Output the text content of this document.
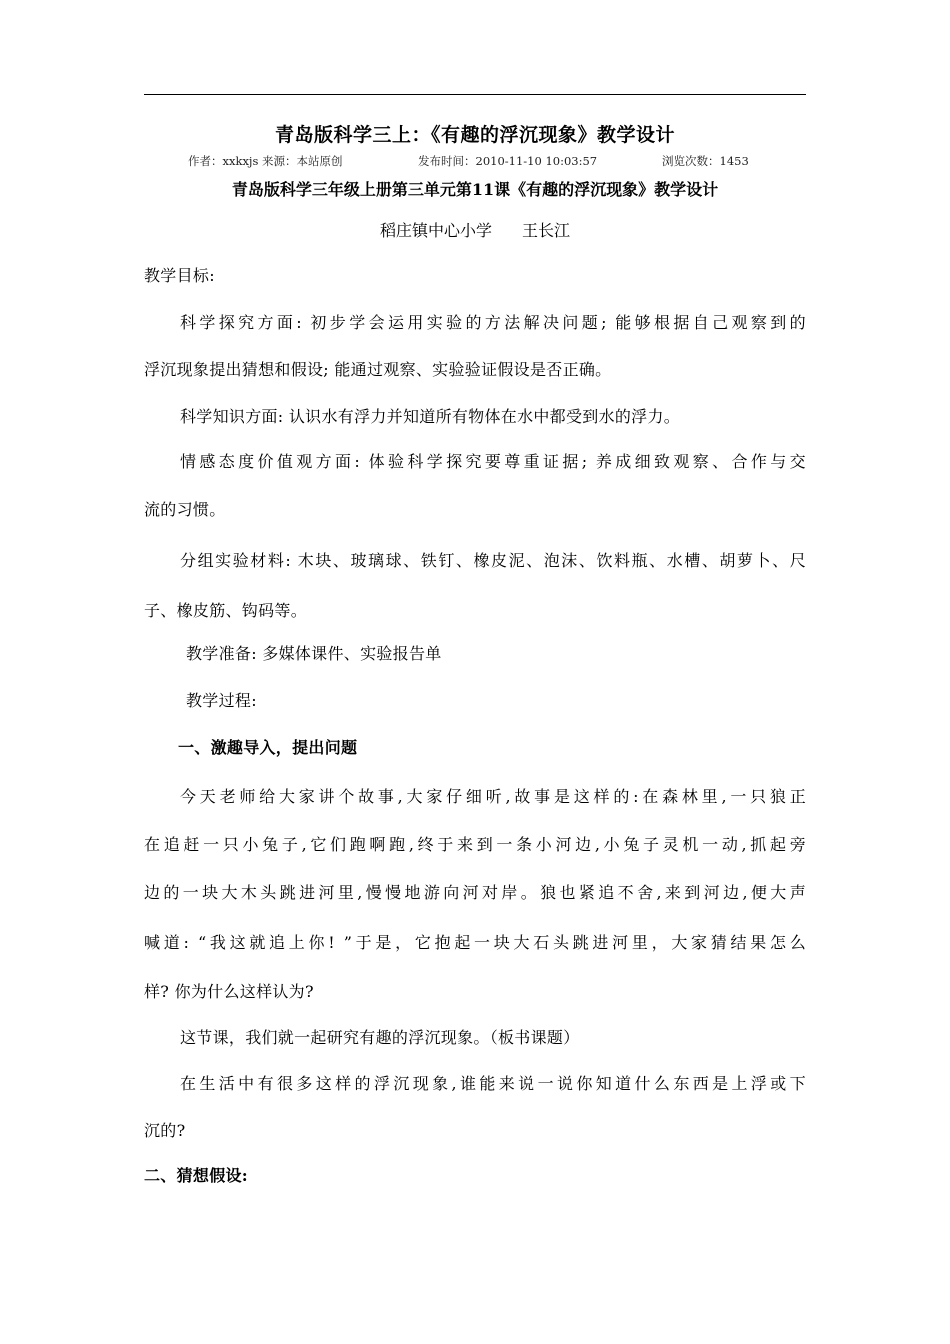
青岛版科学三上：《有趣的浮沉现象》教学设计
作者：xxkxjs 来源：本站原创	发布时间：2010-11-10 10:03:57	浏览次数：1453
青岛版科学三年级上册第三单元第11课《有趣的浮沉现象》教学设计
稻庄镇中心小学 王长江
教学目标:
科学探究方面: 初步学会运用实验的方法解决问题; 能够根据自己观察到的
浮沉现象提出猜想和假设; 能通过观察、实验验证假设是否正确。
科学知识方面: 认识水有浮力并知道所有物体在水中都受到水的浮力。
情感态度价值观方面: 体验科学探究要尊重证据; 养成细致观察、合作与交
流的习惯。
分组实验材料: 木块、玻璃球、铁钉、橡皮泥、泡沫、饮料瓶、水槽、胡萝卜、尺
子、橡皮筋、钩码等。
教学准备: 多媒体课件、实验报告单
教学过程:
一、激趣导入，提出问题
今天老师给大家讲个故事,大家仔细听,故事是这样的:在森林里,一只狼正
在追赶一只小兔子,它们跑啊跑,终于来到一条小河边,小兔子灵机一动,抓起旁
边的一块大木头跳进河里,慢慢地游向河对岸。狼也紧追不舍,来到河边,便大声
喊道: “我这就追上你! ”于是，它抱起一块大石头跳进河里，大家猜结果怎么
样? 你为什么这样认为?
这节课，我们就一起研究有趣的浮沉现象。（板书课题）
在生活中有很多这样的浮沉现象,谁能来说一说你知道什么东西是上浮或下
沉的?
二、猜想假设:
